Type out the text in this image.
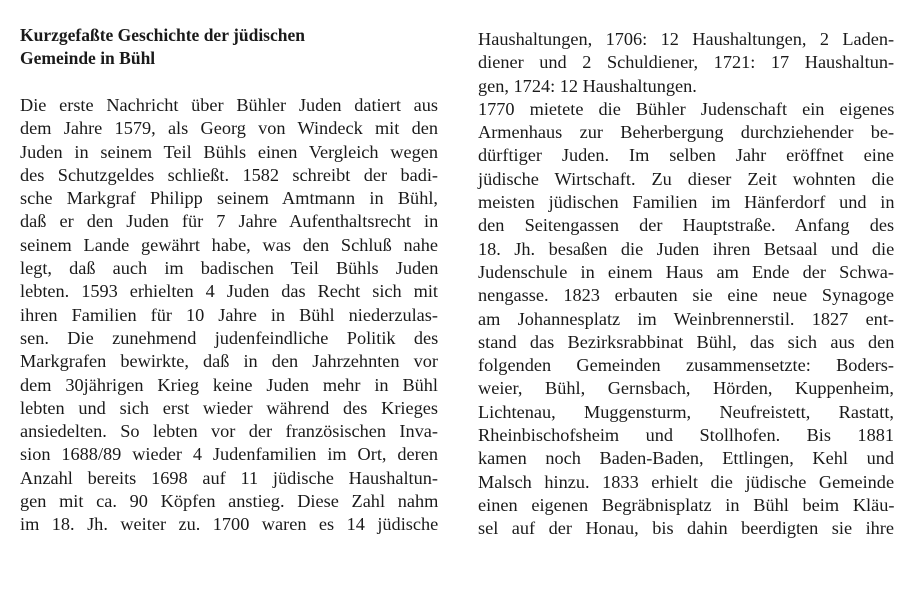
Kurzgefaßte Geschichte der jüdischen
Gemeinde in Bühl
Die erste Nachricht über Bühler Juden datiert aus
dem Jahre 1579, als Georg von Windeck mit den
Juden in seinem Teil Bühls einen Vergleich wegen
des Schutzgeldes schließt. 1582 schreibt der badi-
sche Markgraf Philipp seinem Amtmann in Bühl,
daß er den Juden für 7 Jahre Aufenthaltsrecht in
seinem Lande gewährt habe, was den Schluß nahe
legt, daß auch im badischen Teil Bühls Juden
lebten. 1593 erhielten 4 Juden das Recht sich mit
ihren Familien für 10 Jahre in Bühl niederzulas-
sen. Die zunehmend judenfeindliche Politik des
Markgrafen bewirkte, daß in den Jahrzehnten vor
dem 30jährigen Krieg keine Juden mehr in Bühl
lebten und sich erst wieder während des Krieges
ansiedelten. So lebten vor der französischen Inva-
sion 1688/89 wieder 4 Judenfamilien im Ort, deren
Anzahl bereits 1698 auf 11 jüdische Haushaltun-
gen mit ca. 90 Köpfen anstieg. Diese Zahl nahm
im 18. Jh. weiter zu. 1700 waren es 14 jüdische
Haushaltungen, 1706: 12 Haushaltungen, 2 Laden-
diener und 2 Schuldiener, 1721: 17 Haushaltun-
gen, 1724: 12 Haushaltungen.
1770 mietete die Bühler Judenschaft ein eigenes
Armenhaus zur Beherbergung durchziehender be-
dürftiger Juden. Im selben Jahr eröffnet eine
jüdische Wirtschaft. Zu dieser Zeit wohnten die
meisten jüdischen Familien im Hänferdorf und in
den Seitengassen der Hauptstraße. Anfang des
18. Jh. besaßen die Juden ihren Betsaal und die
Judenschule in einem Haus am Ende der Schwa-
nengasse. 1823 erbauten sie eine neue Synagoge
am Johannesplatz im Weinbrennerstil. 1827 ent-
stand das Bezirksrabbinat Bühl, das sich aus den
folgenden Gemeinden zusammensetzte: Boders-
weier, Bühl, Gernsbach, Hörden, Kuppenheim,
Lichtenau, Muggensturm, Neufreistett, Rastatt,
Rheinbischofsheim und Stollhofen. Bis 1881
kamen noch Baden-Baden, Ettlingen, Kehl und
Malsch hinzu. 1833 erhielt die jüdische Gemeinde
einen eigenen Begräbnisplatz in Bühl beim Kläu-
sel auf der Honau, bis dahin beerdigten sie ihre
